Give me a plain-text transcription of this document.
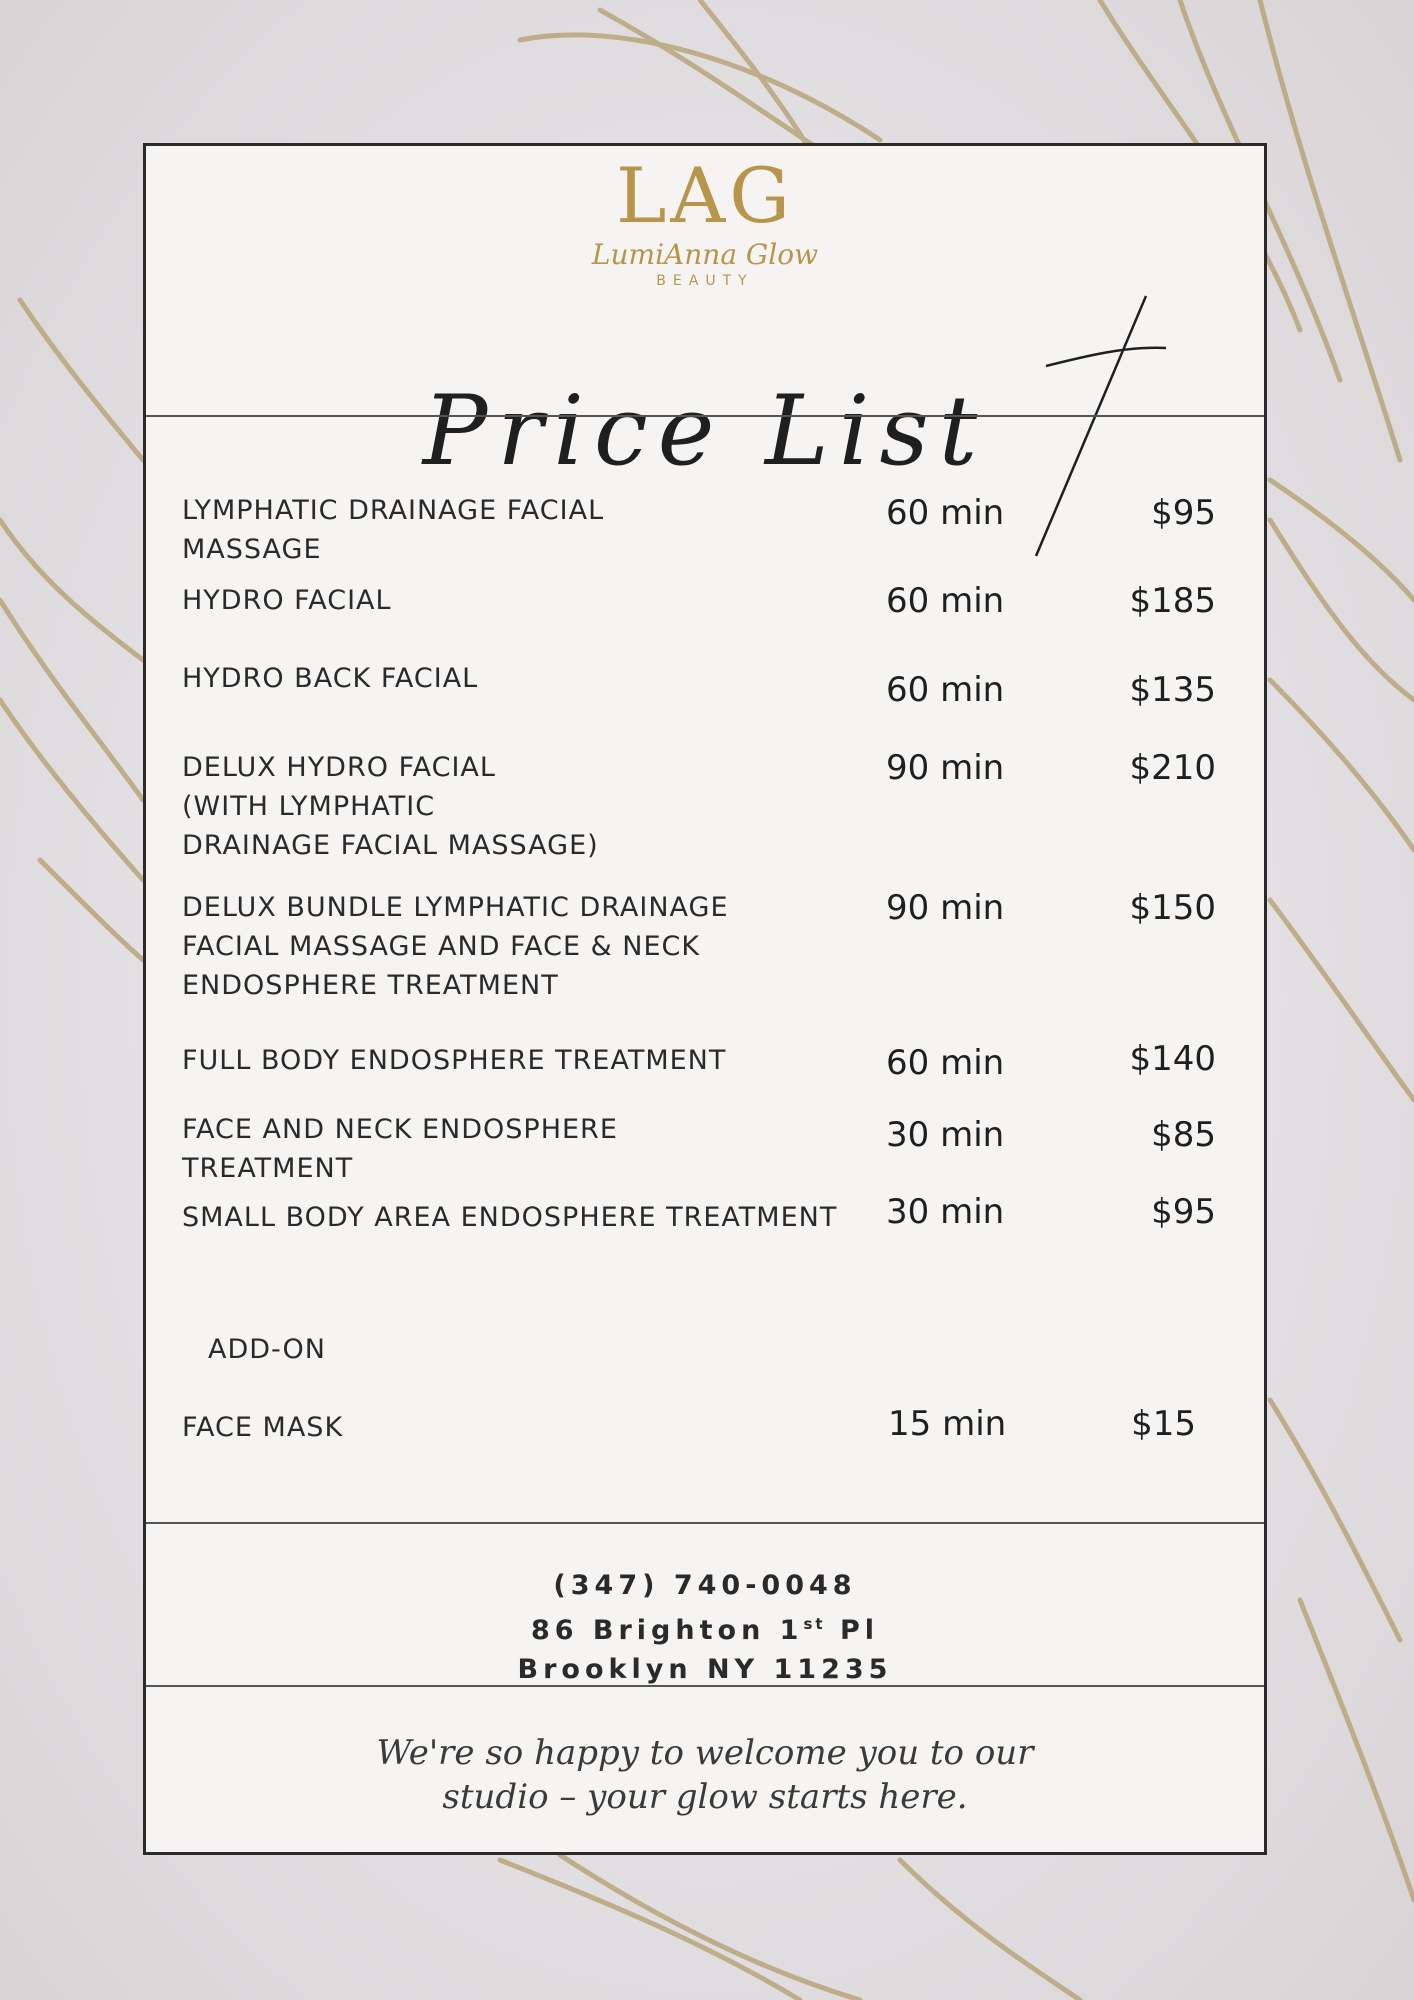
LAG
LumiAnna Glow
BEAUTY
Price List
LYMPHATIC DRAINAGE FACIAL MASSAGE
60 min	$95
HYDRO FACIAL	60 min	$185
HYDRO BACK FACIAL	60 min	$135
DELUX HYDRO FACIAL
(WITH LYMPHATIC
DRAINAGE FACIAL MASSAGE)
90 min	$210
DELUX BUNDLE LYMPHATIC DRAINAGE
FACIAL MASSAGE AND FACE & NECK
ENDOSPHERE TREATMENT
90 min	$150
FULL BODY ENDOSPHERE TREATMENT	60 min	$140
FACE AND NECK ENDOSPHERE TREATMENT
30 min	$85
SMALL BODY AREA ENDOSPHERE TREATMENT	30 min	$95
ADD-ON
FACE MASK	15 min	$15
(347) 740-0048
86 Brighton 1st Pl
Brooklyn NY 11235
We're so happy to welcome you to our
studio – your glow starts here.
